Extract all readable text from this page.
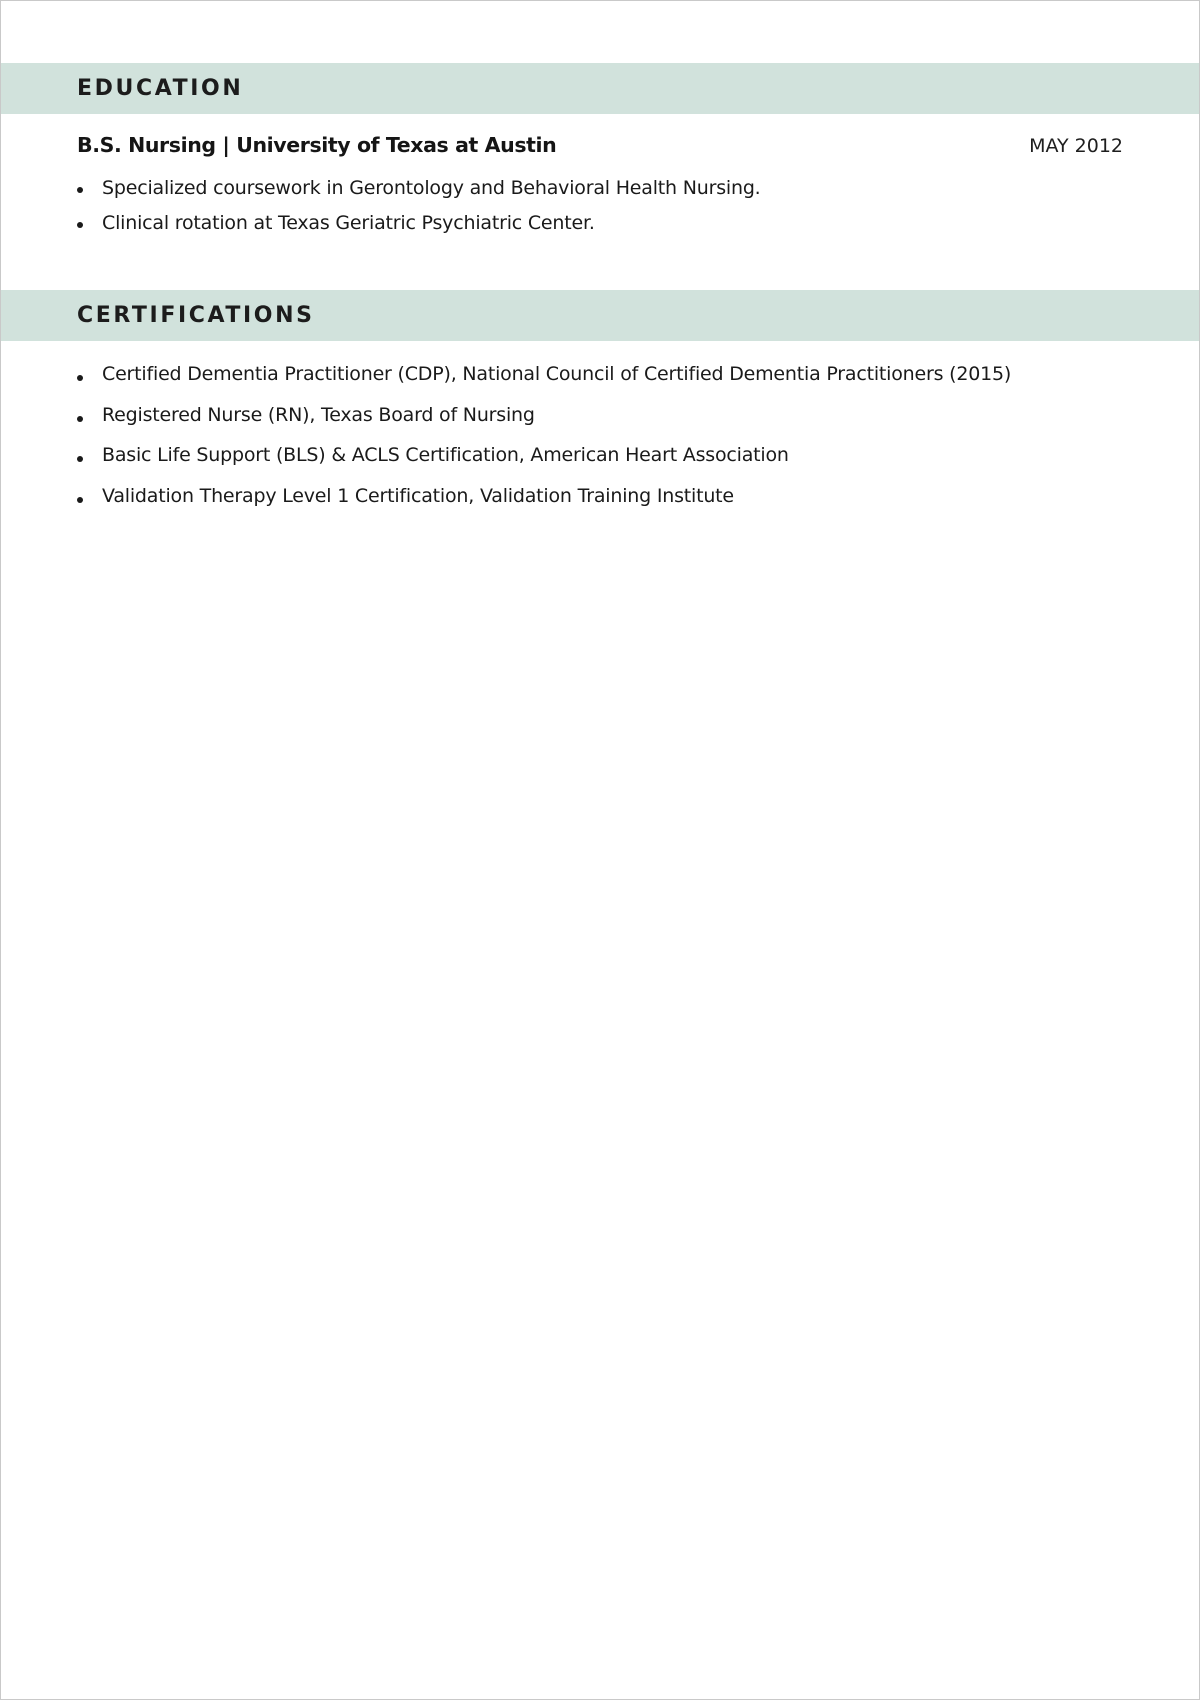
EDUCATION
B.S. Nursing | University of Texas at Austin	MAY 2012
Specialized coursework in Gerontology and Behavioral Health Nursing.
Clinical rotation at Texas Geriatric Psychiatric Center.
CERTIFICATIONS
Certified Dementia Practitioner (CDP), National Council of Certified Dementia Practitioners (2015)
Registered Nurse (RN), Texas Board of Nursing
Basic Life Support (BLS) & ACLS Certification, American Heart Association
Validation Therapy Level 1 Certification, Validation Training Institute
